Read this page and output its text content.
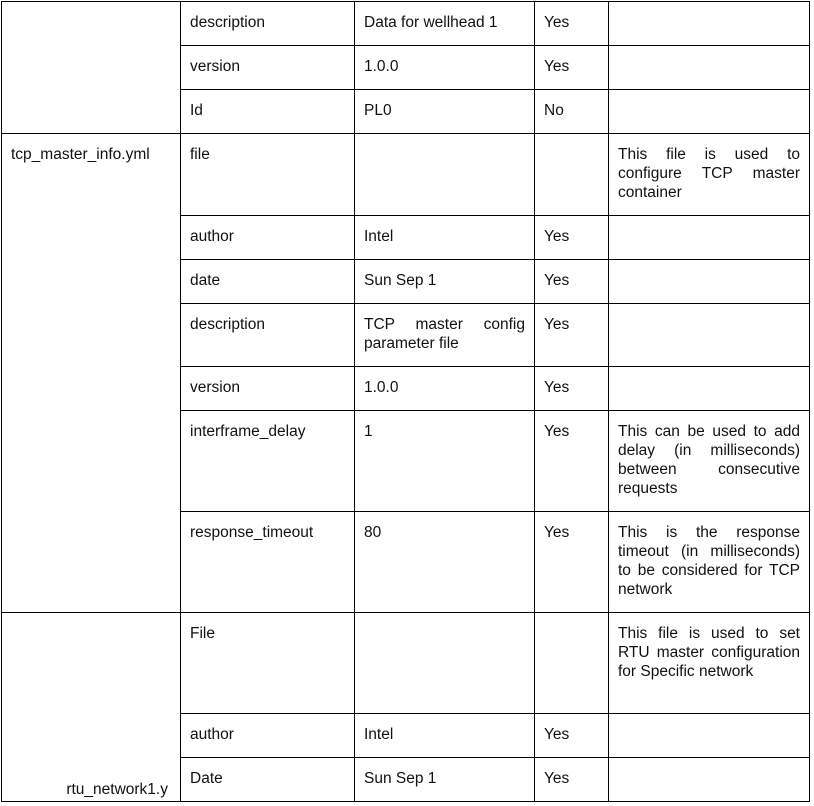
	description	Data for wellhead 1	Yes	
	version	1.0.0	Yes	
	Id	PL0	No	
tcp_master_info.yml	file			This file is used to configure TCP master container
	author	Intel	Yes	
	date	Sun Sep 1	Yes	
	description	TCP master config parameter file	Yes	
	version	1.0.0	Yes	
	interframe_delay	1	Yes	This can be used to add delay (in milliseconds) between consecutive requests
	response_timeout	80	Yes	This is the response timeout (in milliseconds) to be considered for TCP network
rtu_network1.y	File			This file is used to set RTU master configuration for Specific network
	author	Intel	Yes	
	Date	Sun Sep 1	Yes	
